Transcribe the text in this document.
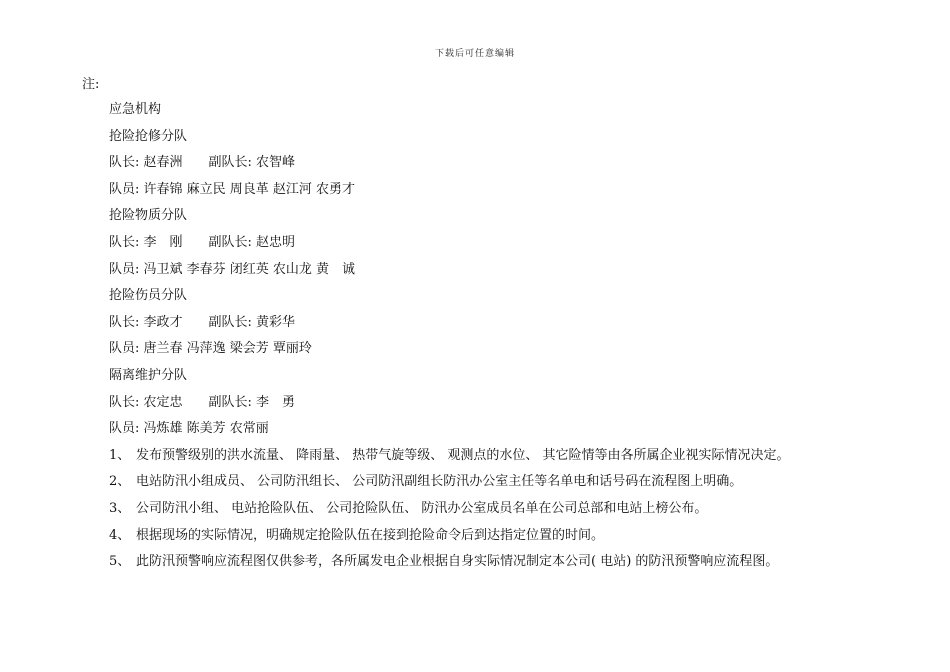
下载后可任意编辑
注:
应急机构
抢险抢修分队
队长: 赵春洲 副队长: 农智峰
队员: 许春锦 麻立民 周良革 赵江河 农勇才
抢险物质分队
队长: 李　刚 副队长: 赵忠明
队员: 冯卫斌 李春芬 闭红英 农山龙 黄　诚
抢险伤员分队
队长: 李政才 副队长: 黄彩华
队员: 唐兰春 冯萍逸 梁会芳 覃丽玲
隔离维护分队
队长: 农定忠 副队长: 李　勇
队员: 冯炼雄 陈美芳 农常丽
1、 发布预警级别的洪水流量、 降雨量、 热带气旋等级、 观测点的水位、 其它险情等由各所属企业视实际情况决定。
2、 电站防汛小组成员、 公司防汛组长、 公司防汛副组长防汛办公室主任等名单电和话号码在流程图上明确。
3、 公司防汛小组、 电站抢险队伍、 公司抢险队伍、 防汛办公室成员名单在公司总部和电站上榜公布。
4、 根据现场的实际情况，明确规定抢险队伍在接到抢险命令后到达指定位置的时间。
5、 此防汛预警响应流程图仅供参考，各所属发电企业根据自身实际情况制定本公司( 电站) 的防汛预警响应流程图。
